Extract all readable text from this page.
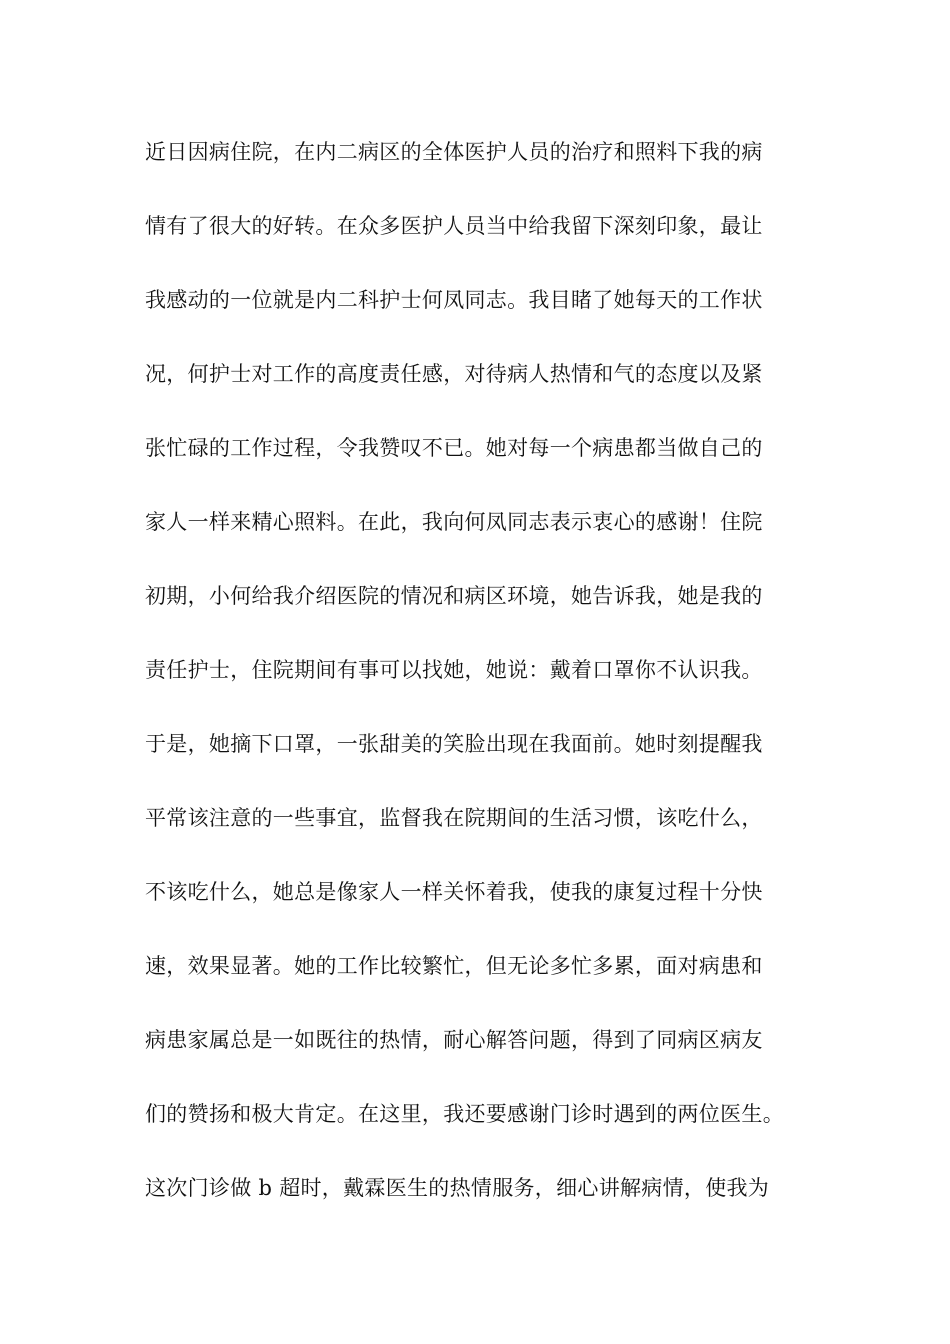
近日因病住院，在内二病区的全体医护人员的治疗和照料下我的病
情有了很大的好转。在众多医护人员当中给我留下深刻印象，最让
我感动的一位就是内二科护士何凤同志。我目睹了她每天的工作状
况，何护士对工作的高度责任感，对待病人热情和气的态度以及紧
张忙碌的工作过程，令我赞叹不已。她对每一个病患都当做自己的
家人一样来精心照料。在此，我向何凤同志表示衷心的感谢！住院
初期，小何给我介绍医院的情况和病区环境，她告诉我，她是我的
责任护士，住院期间有事可以找她，她说：戴着口罩你不认识我。
于是，她摘下口罩，一张甜美的笑脸出现在我面前。她时刻提醒我
平常该注意的一些事宜，监督我在院期间的生活习惯，该吃什么，
不该吃什么，她总是像家人一样关怀着我，使我的康复过程十分快
速，效果显著。她的工作比较繁忙，但无论多忙多累，面对病患和
病患家属总是一如既往的热情，耐心解答问题，得到了同病区病友
们的赞扬和极大肯定。在这里，我还要感谢门诊时遇到的两位医生。
这次门诊做 b 超时，戴霖医生的热情服务，细心讲解病情，使我为
